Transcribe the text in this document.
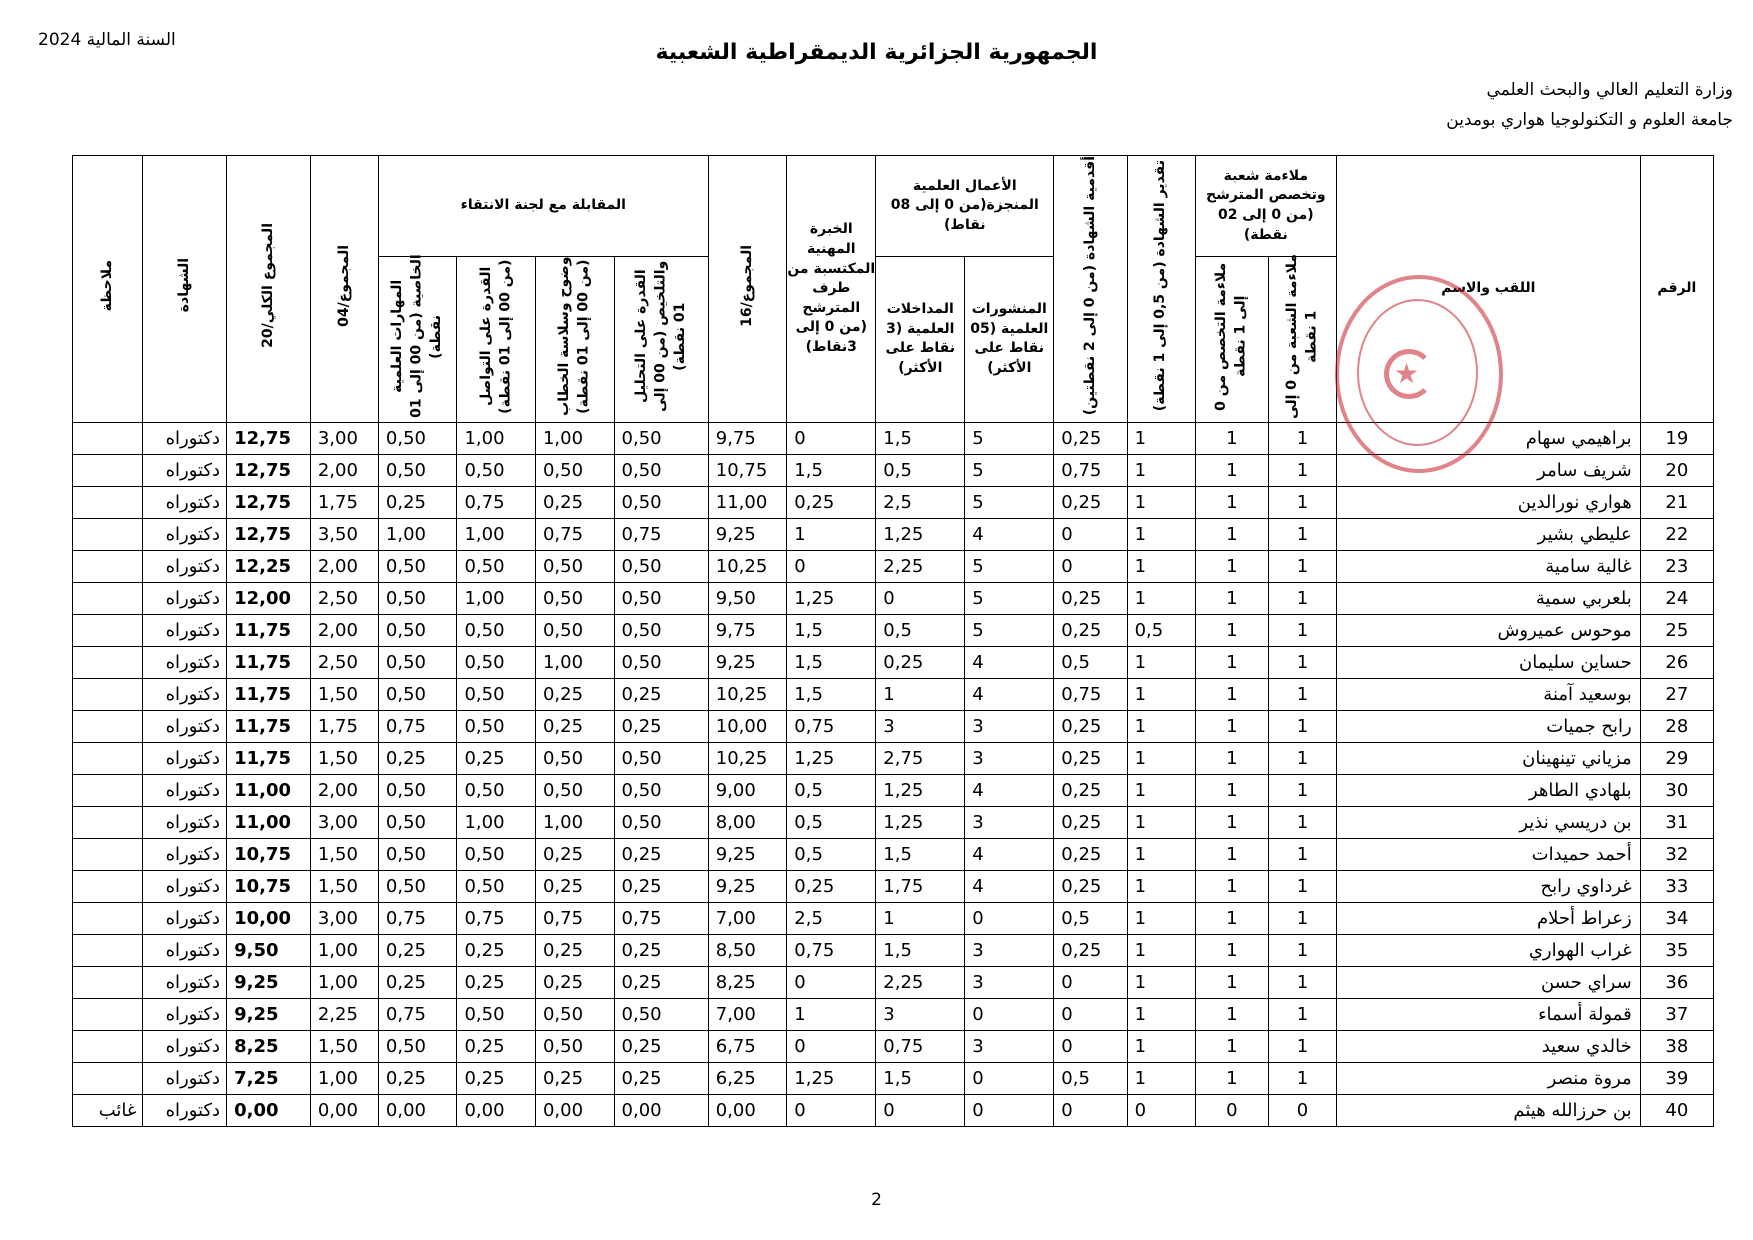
السنة المالية 2024	الجمهورية الجزائرية الديمقراطية الشعبية
وزارة التعليم العالي والبحث العلمي
جامعة العلوم و التكنولوجيا هواري بومدين
الرقم	اللقب والاسم	ملاءمة شعبة وتخصص المترشح (من 0 إلى 02 نقطة)		تقدير الشهادة (من 0,5 إلى 1 نقطة)	أقدمية الشهادة (من 0 إلى 2 نقطتين)	الأعمال العلمية المنجزة(من 0 إلى 08 نقاط)		الخبرة المهنية المكتسبة من طرف المترشح (من 0 إلى 3نقاط)	المجموع/16	المقابلة مع لجنة الانتقاء				المجموع/04	المجموع الكلي/20	الشهادة	ملاحظة
		ملاءمة الشعبة من 0 إلى 1 نقطة	ملاءمة التخصص من 0 إلى 1 نقطة			المنشورات العلمية (05 نقاط على الأكثر)	المداخلات العلمية (3 نقاط على الأكثر)			القدرة على التحليل والتلخيص (من 00 إلى 01 نقطة)	وضوح وسلاسة الخطاب (من 00 إلى 01 نقطة)	القدرة على التواصل (من 00 إلى 01 نقطة)	المهارات العلمية الخاصية (من 00 إلى 01 نقطة)				
19	براهيمي سهام	1	1	1	0,25	5	1,5	0	9,75	0,50	1,00	1,00	0,50	3,00	12,75	دكتوراه	
20	شريف سامر	1	1	1	0,75	5	0,5	1,5	10,75	0,50	0,50	0,50	0,50	2,00	12,75	دكتوراه	
21	هواري نورالدين	1	1	1	0,25	5	2,5	0,25	11,00	0,50	0,25	0,75	0,25	1,75	12,75	دكتوراه	
22	عليطي بشير	1	1	1	0	4	1,25	1	9,25	0,75	0,75	1,00	1,00	3,50	12,75	دكتوراه	
23	غالية سامية	1	1	1	0	5	2,25	0	10,25	0,50	0,50	0,50	0,50	2,00	12,25	دكتوراه	
24	بلعربي سمية	1	1	1	0,25	5	0	1,25	9,50	0,50	0,50	1,00	0,50	2,50	12,00	دكتوراه	
25	موحوس عميروش	1	1	0,5	0,25	5	0,5	1,5	9,75	0,50	0,50	0,50	0,50	2,00	11,75	دكتوراه	
26	حساين سليمان	1	1	1	0,5	4	0,25	1,5	9,25	0,50	1,00	0,50	0,50	2,50	11,75	دكتوراه	
27	بوسعيد آمنة	1	1	1	0,75	4	1	1,5	10,25	0,25	0,25	0,50	0,50	1,50	11,75	دكتوراه	
28	رابح جميات	1	1	1	0,25	3	3	0,75	10,00	0,25	0,25	0,50	0,75	1,75	11,75	دكتوراه	
29	مزياني تينهينان	1	1	1	0,25	3	2,75	1,25	10,25	0,50	0,50	0,25	0,25	1,50	11,75	دكتوراه	
30	بلهادي الطاهر	1	1	1	0,25	4	1,25	0,5	9,00	0,50	0,50	0,50	0,50	2,00	11,00	دكتوراه	
31	بن دريسي نذير	1	1	1	0,25	3	1,25	0,5	8,00	0,50	1,00	1,00	0,50	3,00	11,00	دكتوراه	
32	أحمد حميدات	1	1	1	0,25	4	1,5	0,5	9,25	0,25	0,25	0,50	0,50	1,50	10,75	دكتوراه	
33	غرداوي رابح	1	1	1	0,25	4	1,75	0,25	9,25	0,25	0,25	0,50	0,50	1,50	10,75	دكتوراه	
34	زعراط أحلام	1	1	1	0,5	0	1	2,5	7,00	0,75	0,75	0,75	0,75	3,00	10,00	دكتوراه	
35	غراب الهواري	1	1	1	0,25	3	1,5	0,75	8,50	0,25	0,25	0,25	0,25	1,00	9,50	دكتوراه	
36	سراي حسن	1	1	1	0	3	2,25	0	8,25	0,25	0,25	0,25	0,25	1,00	9,25	دكتوراه	
37	قمولة أسماء	1	1	1	0	0	3	1	7,00	0,50	0,50	0,50	0,75	2,25	9,25	دكتوراه	
38	خالدي سعيد	1	1	1	0	3	0,75	0	6,75	0,25	0,50	0,25	0,50	1,50	8,25	دكتوراه	
39	مروة منصر	1	1	1	0,5	0	1,5	1,25	6,25	0,25	0,25	0,25	0,25	1,00	7,25	دكتوراه	
40	بن حرزالله هيثم	0	0	0	0	0	0	0	0,00	0,00	0,00	0,00	0,00	0,00	0,00	دكتوراه	غائب
★
2
